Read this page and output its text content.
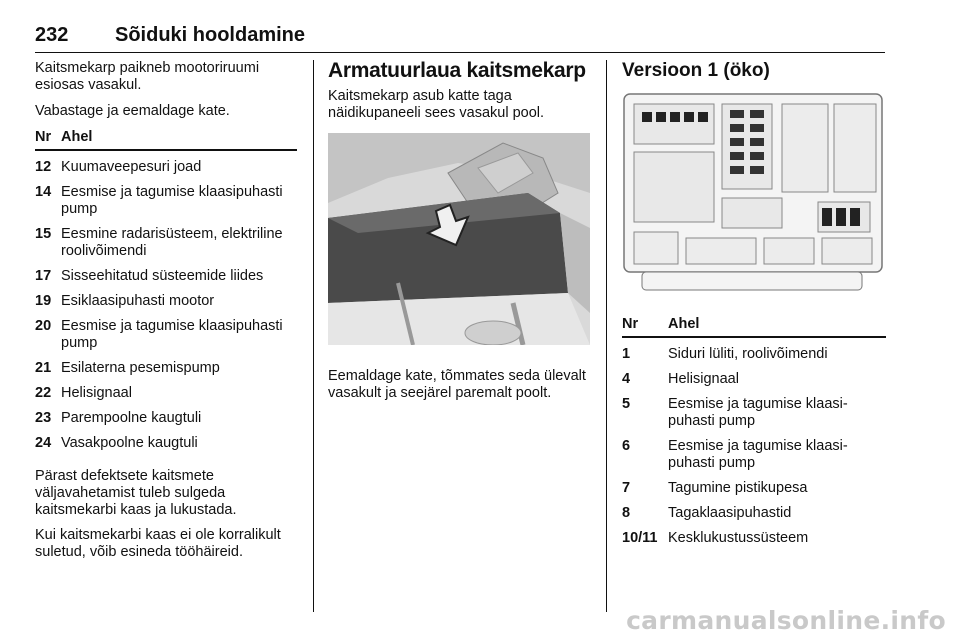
232 Sõiduki hooldamine

Kaitsmekarp paikneb mootoriruumi esiosas vasakul.

Vabastage ja eemaldage kate.

Nr	Ahel
12	Kuumaveepesuri joad
14	Eesmise ja tagumise klaasipuhasti pump
15	Eesmine radarisüsteem, elektriline roolivõimendi
17	Sisseehitatud süsteemide liides
19	Esiklaasipuhasti mootor
20	Eesmise ja tagumise klaasipuhasti pump
21	Esilaterna pesemispump
22	Helisignaal
23	Parempoolne kaugtuli
24	Vasakpoolne kaugtuli

Pärast defektsete kaitsmete väljavahetamist tuleb sulgeda kaitsmekarbi kaas ja lukustada.

Kui kaitsmekarbi kaas ei ole korralikult suletud, võib esineda tööhäireid.

Armatuurlaua kaitsmekarp

Kaitsmekarp asub katte taga näidikupaneeli sees vasakul pool.

Eemaldage kate, tõmmates seda ülevalt vasakult ja seejärel paremalt poolt.

Versioon 1 (öko)
Nr	Ahel
1	Siduri lüliti, roolivõimendi
4	Helisignaal
5	Eesmise ja tagumise klaasipuhasti pump
6	Eesmise ja tagumise klaasipuhasti pump
7	Tagumine pistikupesa
8	Tagaklaasipuhastid
10/11	Kesklukustussüsteem
carmanualsonline.info
